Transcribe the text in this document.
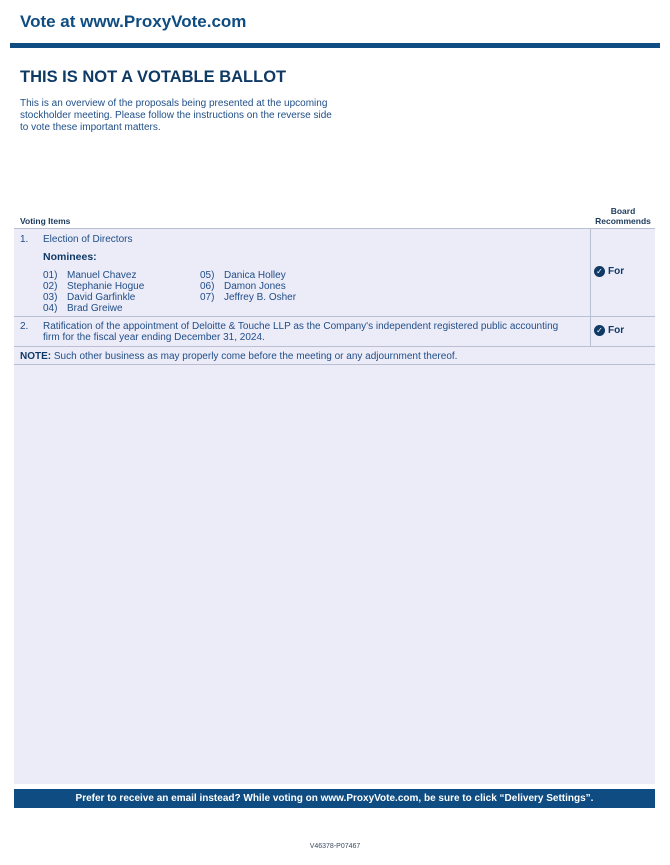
Vote at www.ProxyVote.com
THIS IS NOT A VOTABLE BALLOT
This is an overview of the proposals being presented at the upcoming stockholder meeting. Please follow the instructions on the reverse side to vote these important matters.
Voting Items
Board
Recommends
1. Election of Directors
Nominees:
01) Manuel Chavez
02) Stephanie Hogue
03) David Garfinkle
04) Brad Greiwe
05) Danica Holley
06) Damon Jones
07) Jeffrey B. Osher
✓ For
2. Ratification of the appointment of Deloitte & Touche LLP as the Company's independent registered public accounting
firm for the fiscal year ending December 31, 2024.
✓ For
NOTE: Such other business as may properly come before the meeting or any adjournment thereof.
Prefer to receive an email instead? While voting on www.ProxyVote.com, be sure to click “Delivery Settings”.
V46378-P07467
